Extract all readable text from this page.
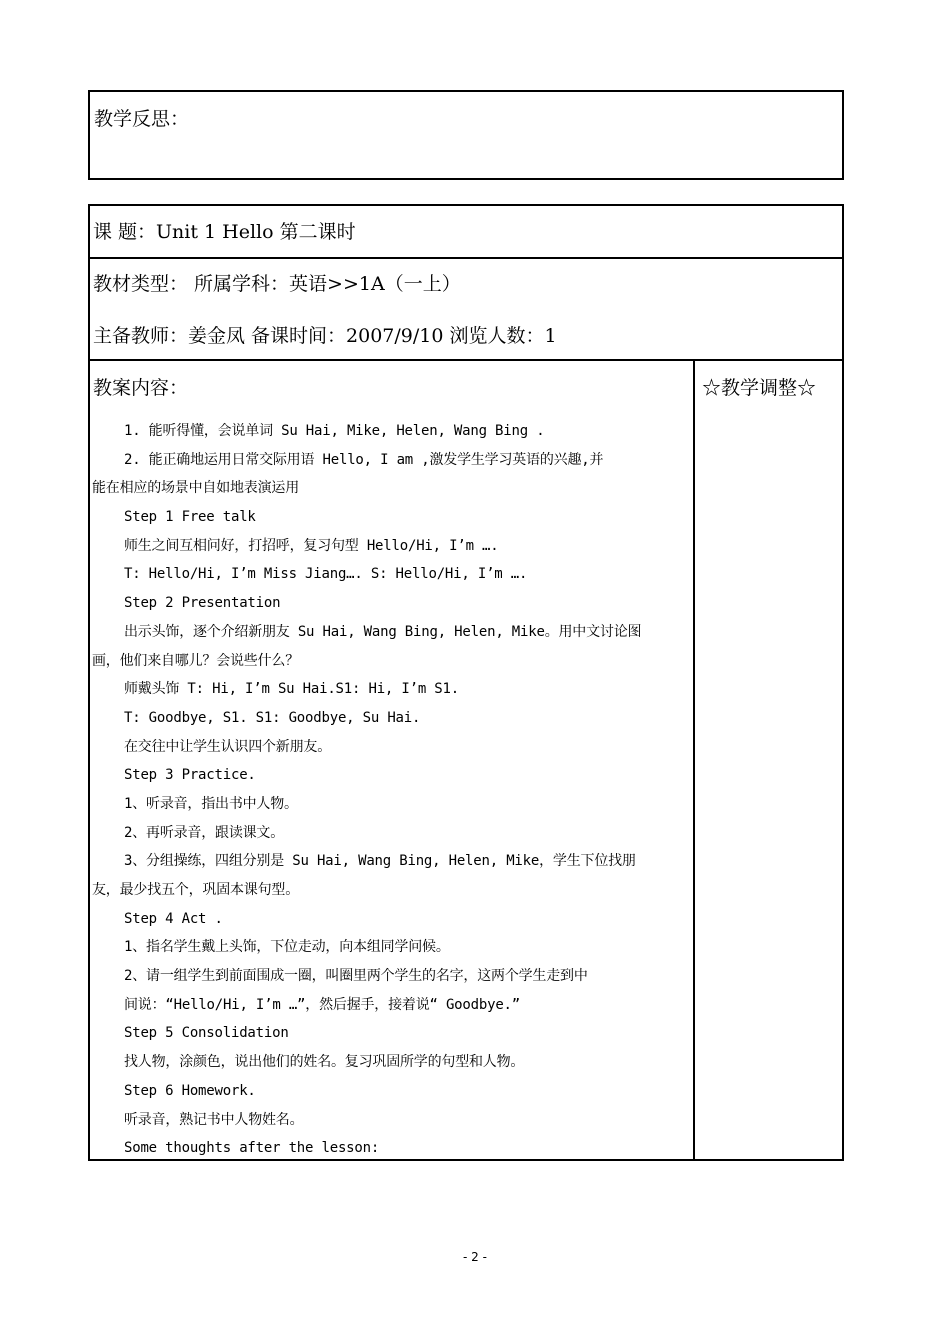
教学反思：
课 题：Unit 1 Hello 第二课时
教材类型： 所属学科：英语>>1A（一上）
主备教师：姜金凤 备课时间：2007/9/10 浏览人数：1
教案内容：	☆教学调整☆
1. 能听得懂，会说单词 Su Hai, Mike, Helen, Wang Bing .
2. 能正确地运用日常交际用语 Hello, I am ,激发学生学习英语的兴趣,并
能在相应的场景中自如地表演运用
Step 1 Free talk
师生之间互相问好，打招呼，复习句型 Hello/Hi, I’m ….
T: Hello/Hi, I’m Miss Jiang…. S: Hello/Hi, I’m ….
Step 2 Presentation
出示头饰，逐个介绍新朋友 Su Hai, Wang Bing, Helen, Mike。用中文讨论图
画，他们来自哪儿？会说些什么？
师戴头饰 T: Hi, I’m Su Hai.S1: Hi, I’m S1.
T: Goodbye, S1. S1: Goodbye, Su Hai.
在交往中让学生认识四个新朋友。
Step 3 Practice.
1、听录音，指出书中人物。
2、再听录音，跟读课文。
3、分组操练，四组分别是 Su Hai, Wang Bing, Helen, Mike，学生下位找朋
友，最少找五个，巩固本课句型。
Step 4 Act .
1、指名学生戴上头饰，下位走动，向本组同学问候。
2、请一组学生到前面围成一圈，叫圈里两个学生的名字，这两个学生走到中
间说：“Hello/Hi, I’m …”，然后握手，接着说“ Goodbye.”
Step 5 Consolidation
找人物，涂颜色，说出他们的姓名。复习巩固所学的句型和人物。
Step 6 Homework.
听录音，熟记书中人物姓名。
Some thoughts after the lesson:
- 2 -
